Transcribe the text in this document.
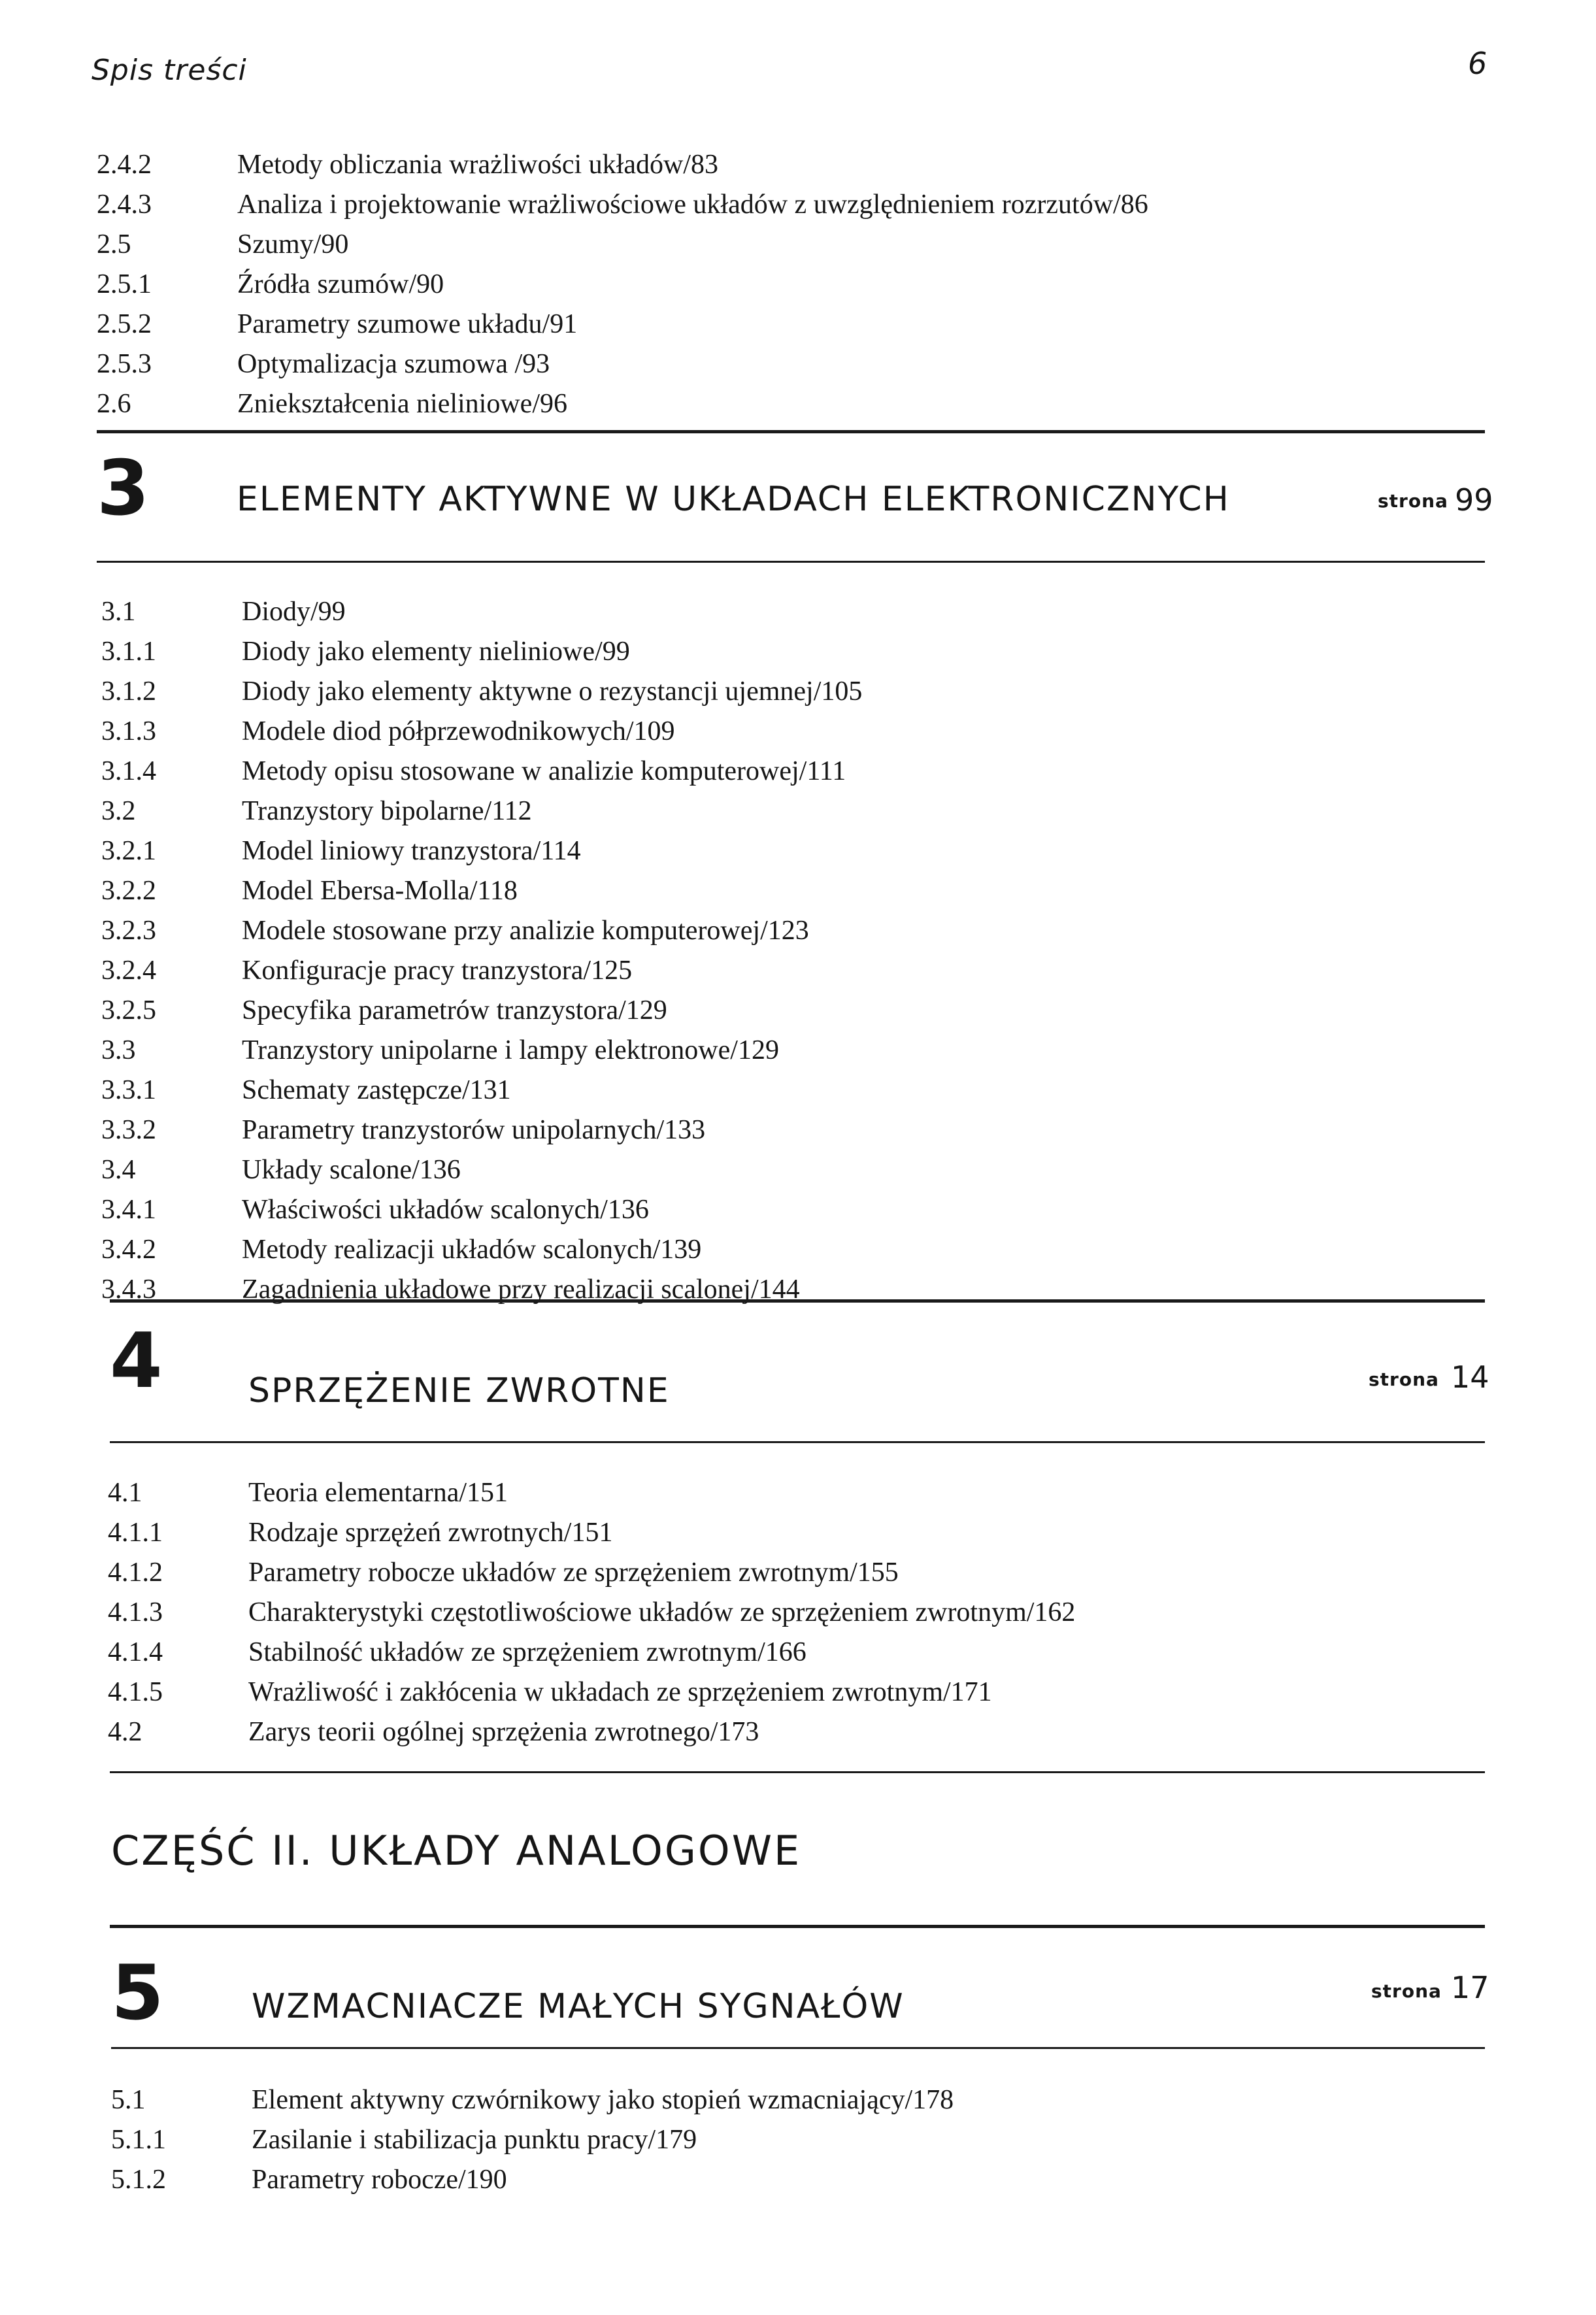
Spis treści	6
2.4.2	Metody obliczania wrażliwości układów/83
2.4.3	Analiza i projektowanie wrażliwościowe układów z uwzględnieniem rozrzutów/86
2.5	Szumy/90
2.5.1	Źródła szumów/90
2.5.2	Parametry szumowe układu/91
2.5.3	Optymalizacja szumowa /93
2.6	Zniekształcenia nieliniowe/96
3	ELEMENTY AKTYWNE W UKŁADACH ELEKTRONICZNYCH	strona 99
3.1	Diody/99
3.1.1	Diody jako elementy nieliniowe/99
3.1.2	Diody jako elementy aktywne o rezystancji ujemnej/105
3.1.3	Modele diod półprzewodnikowych/109
3.1.4	Metody opisu stosowane w analizie komputerowej/111
3.2	Tranzystory bipolarne/112
3.2.1	Model liniowy tranzystora/114
3.2.2	Model Ebersa-Molla/118
3.2.3	Modele stosowane przy analizie komputerowej/123
3.2.4	Konfiguracje pracy tranzystora/125
3.2.5	Specyfika parametrów tranzystora/129
3.3	Tranzystory unipolarne i lampy elektronowe/129
3.3.1	Schematy zastępcze/131
3.3.2	Parametry tranzystorów unipolarnych/133
3.4	Układy scalone/136
3.4.1	Właściwości układów scalonych/136
3.4.2	Metody realizacji układów scalonych/139
3.4.3	Zagadnienia układowe przy realizacji scalonej/144
4	SPRZĘŻENIE ZWROTNE	strona 14
4.1	Teoria elementarna/151
4.1.1	Rodzaje sprzężeń zwrotnych/151
4.1.2	Parametry robocze układów ze sprzężeniem zwrotnym/155
4.1.3	Charakterystyki częstotliwościowe układów ze sprzężeniem zwrotnym/162
4.1.4	Stabilność układów ze sprzężeniem zwrotnym/166
4.1.5	Wrażliwość i zakłócenia w układach ze sprzężeniem zwrotnym/171
4.2	Zarys teorii ogólnej sprzężenia zwrotnego/173
CZĘŚĆ II. UKŁADY ANALOGOWE
5	WZMACNIACZE MAŁYCH SYGNAŁÓW	strona 17
5.1	Element aktywny czwórnikowy jako stopień wzmacniający/178
5.1.1	Zasilanie i stabilizacja punktu pracy/179
5.1.2	Parametry robocze/190
